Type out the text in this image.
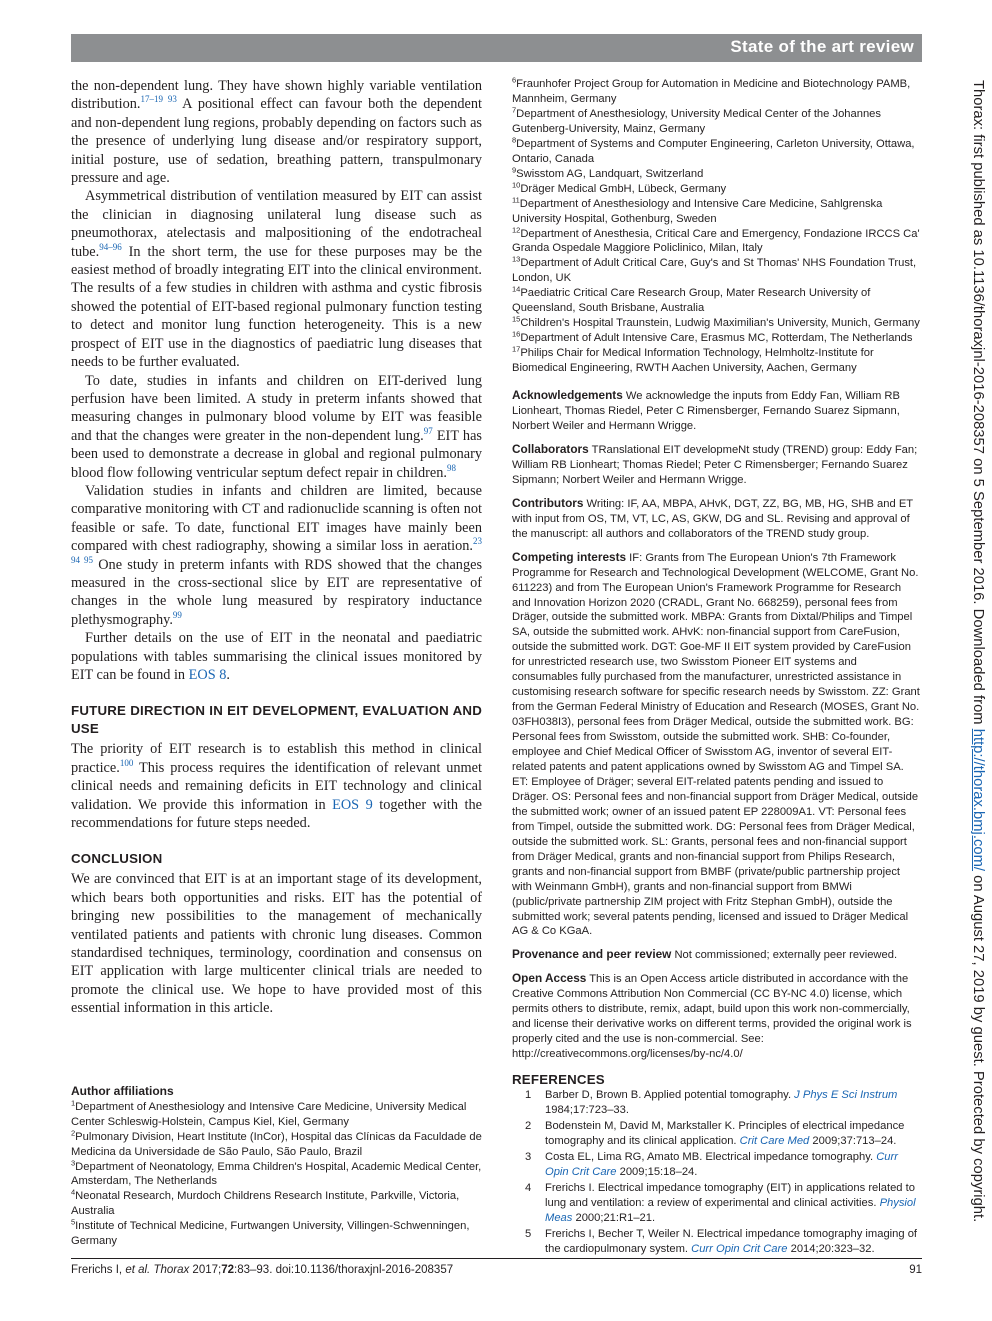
State of the art review

the non-dependent lung. They have shown highly variable ventilation distribution.$^{17-19 93}$ A positional effect can favour both the dependent and non-dependent lung regions, probably depending on factors such as the presence of underlying lung disease and/or respiratory support, initial posture, use of sedation, breathing pattern, transpulmonary pressure and age.

Asymmetrical distribution of ventilation measured by EIT can assist the clinician in diagnosing unilateral lung disease such as pneumothorax, atelectasis and malpositioning of the endotracheal tube.$^{94-96}$ In the short term, the use for these purposes may be the easiest method of broadly integrating EIT into the clinical environment. The results of a few studies in children with asthma and cystic fibrosis showed the potential of EIT-based regional pulmonary function testing to detect and monitor lung function heterogeneity. This is a new prospect of EIT use in the diagnostics of paediatric lung diseases that needs to be further evaluated.

To date, studies in infants and children on EIT-derived lung perfusion have been limited. A study in preterm infants showed that measuring changes in pulmonary blood volume by EIT was feasible and that the changes were greater in the non-dependent lung.$^{97}$ EIT has been used to demonstrate a decrease in global and regional pulmonary blood flow following ventricular septum defect repair in children.$^{98}$

Validation studies in infants and children are limited, because comparative monitoring with CT and radionuclide scanning is often not feasible or safe. To date, functional EIT images have mainly been compared with chest radiography, showing a similar loss in aeration.$^{23 94 95}$ One study in preterm infants with RDS showed that the changes measured in the cross-sectional slice by EIT are representative of changes in the whole lung measured by respiratory inductance plethysmography.$^{99}$

Further details on the use of EIT in the neonatal and paediatric populations with tables summarising the clinical issues monitored by EIT can be found in EOS 8.

FUTURE DIRECTION IN EIT DEVELOPMENT, EVALUATION AND USE

The priority of EIT research is to establish this method in clinical practice.$^{100}$ This process requires the identification of relevant unmet clinical needs and remaining deficits in EIT technology and clinical validation. We provide this information in EOS 9 together with the recommendations for future steps needed.

CONCLUSION

We are convinced that EIT is at an important stage of its development, which bears both opportunities and risks. EIT has the potential of bringing new possibilities to the management of mechanically ventilated patients and patients with chronic lung diseases. Common standardised techniques, terminology, coordination and consensus on EIT application with large multicenter clinical trials are needed to promote the clinical use. We hope to have provided most of this essential information in this article.

Author affiliations
$^1$Department of Anesthesiology and Intensive Care Medicine, University Medical Center Schleswig-Holstein, Campus Kiel, Kiel, Germany
$^2$Pulmonary Division, Heart Institute (InCor), Hospital das Clínicas da Faculdade de Medicina da Universidade de São Paulo, São Paulo, Brazil
$^3$Department of Neonatology, Emma Children's Hospital, Academic Medical Center, Amsterdam, The Netherlands
$^4$Neonatal Research, Murdoch Childrens Research Institute, Parkville, Victoria, Australia
$^5$Institute of Technical Medicine, Furtwangen University, Villingen-Schwenningen, Germany
$^6$Fraunhofer Project Group for Automation in Medicine and Biotechnology PAMB, Mannheim, Germany
$^7$Department of Anesthesiology, University Medical Center of the Johannes Gutenberg-University, Mainz, Germany
$^8$Department of Systems and Computer Engineering, Carleton University, Ottawa, Ontario, Canada
$^9$Swisstom AG, Landquart, Switzerland
$^{10}$Dräger Medical GmbH, Lübeck, Germany
$^{11}$Department of Anesthesiology and Intensive Care Medicine, Sahlgrenska University Hospital, Gothenburg, Sweden
$^{12}$Department of Anesthesia, Critical Care and Emergency, Fondazione IRCCS Ca' Granda Ospedale Maggiore Policlinico, Milan, Italy
$^{13}$Department of Adult Critical Care, Guy's and St Thomas' NHS Foundation Trust, London, UK
$^{14}$Paediatric Critical Care Research Group, Mater Research University of Queensland, South Brisbane, Australia
$^{15}$Children's Hospital Traunstein, Ludwig Maximilian's University, Munich, Germany
$^{16}$Department of Adult Intensive Care, Erasmus MC, Rotterdam, The Netherlands
$^{17}$Philips Chair for Medical Information Technology, Helmholtz-Institute for Biomedical Engineering, RWTH Aachen University, Aachen, Germany
Acknowledgements We acknowledge the inputs from Eddy Fan, William RB Lionheart, Thomas Riedel, Peter C Rimensberger, Fernando Suarez Sipmann, Norbert Weiler and Hermann Wrigge.
Collaborators TRanslational EIT developmeNt study (TREND) group: Eddy Fan; William RB Lionheart; Thomas Riedel; Peter C Rimensberger; Fernando Suarez Sipmann; Norbert Weiler and Hermann Wrigge.
Contributors Writing: IF, AA, MBPA, AHvK, DGT, ZZ, BG, MB, HG, SHB and ET with input from OS, TM, VT, LC, AS, GKW, DG and SL. Revising and approval of the manuscript: all authors and collaborators of the TREND study group.
Competing interests IF: Grants from The European Union's 7th Framework Programme for Research and Technological Development (WELCOME, Grant No. 611223) and from The European Union's Framework Programme for Research and Innovation Horizon 2020 (CRADL, Grant No. 668259), personal fees from Dräger, outside the submitted work. MBPA: Grants from Dixtal/Philips and Timpel SA, outside the submitted work. AHvK: non-financial support from CareFusion, outside the submitted work. DGT: Goe-MF II EIT system provided by CareFusion for unrestricted research use, two Swisstom Pioneer EIT systems and consumables fully purchased from the manufacturer, unrestricted assistance in customising research software for specific research needs by Swisstom. ZZ: Grant from the German Federal Ministry of Education and Research (MOSES, Grant No. 03FH038I3), personal fees from Dräger Medical, outside the submitted work. BG: Personal fees from Swisstom, outside the submitted work. SHB: Co-founder, employee and Chief Medical Officer of Swisstom AG, inventor of several EIT-related patents and patent applications owned by Swisstom AG and Timpel SA. ET: Employee of Dräger; several EIT-related patents pending and issued to Dräger. OS: Personal fees and non-financial support from Dräger Medical, outside the submitted work; owner of an issued patent EP 228009A1. VT: Personal fees from Timpel, outside the submitted work. DG: Personal fees from Dräger Medical, outside the submitted work. SL: Grants, personal fees and non-financial support from Dräger Medical, grants and non-financial support from Philips Research, grants and non-financial support from BMBF (private/public partnership project with Weinmann GmbH), grants and non-financial support from BMWi (public/private partnership ZIM project with Fritz Stephan GmbH), outside the submitted work; several patents pending, licensed and issued to Dräger Medical AG & Co KGaA.
Provenance and peer review Not commissioned; externally peer reviewed.
Open Access This is an Open Access article distributed in accordance with the Creative Commons Attribution Non Commercial (CC BY-NC 4.0) license, which permits others to distribute, remix, adapt, build upon this work non-commercially, and license their derivative works on different terms, provided the original work is properly cited and the use is non-commercial. See: http://creativecommons.org/licenses/by-nc/4.0/
REFERENCES
1	Barber D, Brown B. Applied potential tomography. J Phys E Sci Instrum 1984;17:723–33.
2	Bodenstein M, David M, Markstaller K. Principles of electrical impedance tomography and its clinical application. Crit Care Med 2009;37:713–24.
3	Costa EL, Lima RG, Amato MB. Electrical impedance tomography. Curr Opin Crit Care 2009;15:18–24.
4	Frerichs I. Electrical impedance tomography (EIT) in applications related to lung and ventilation: a review of experimental and clinical activities. Physiol Meas 2000;21:R1–21.
5	Frerichs I, Becher T, Weiler N. Electrical impedance tomography imaging of the cardiopulmonary system. Curr Opin Crit Care 2014;20:323–32.
Frerichs I, et al. Thorax 2017;72:83–93. doi:10.1136/thoraxjnl-2016-208357	91
Thorax: first published as 10.1136/thoraxjnl-2016-208357 on 5 September 2016. Downloaded from http://thorax.bmj.com/ on August 27, 2019 by guest. Protected by copyright.
